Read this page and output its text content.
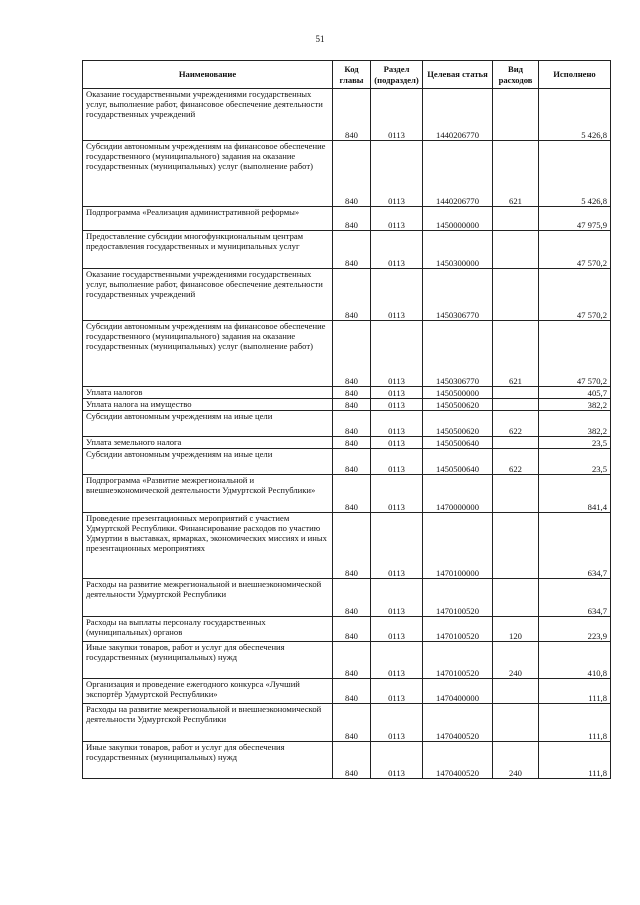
51
Наименование	Код главы	Раздел (подраздел)	Целевая статья	Вид расходов	Исполнено
Оказание государственными учреждениями государственных услуг, выполнение работ, финансовое обеспечение деятельности государственных учреждений	840	0113	1440206770		5 426,8
Субсидии автономным учреждениям на финансовое обеспечение государственного (муниципального) задания на оказание государственных (муниципальных) услуг (выполнение работ)	840	0113	1440206770	621	5 426,8
Подпрограмма «Реализация административной реформы»	840	0113	1450000000		47 975,9
Предоставление субсидии многофункциональным центрам предоставления государственных и муниципальных услуг	840	0113	1450300000		47 570,2
Оказание государственными учреждениями государственных услуг, выполнение работ, финансовое обеспечение деятельности государственных учреждений	840	0113	1450306770		47 570,2
Субсидии автономным учреждениям на финансовое обеспечение государственного (муниципального) задания на оказание государственных (муниципальных) услуг (выполнение работ)	840	0113	1450306770	621	47 570,2
Уплата налогов	840	0113	1450500000		405,7
Уплата налога на имущество	840	0113	1450500620		382,2
Субсидии автономным учреждениям на иные цели	840	0113	1450500620	622	382,2
Уплата земельного налога	840	0113	1450500640		23,5
Субсидии автономным учреждениям на иные цели	840	0113	1450500640	622	23,5
Подпрограмма «Развитие межрегиональной и внешнеэкономической деятельности Удмуртской Республики»	840	0113	1470000000		841,4
Проведение презентационных мероприятий с участием Удмуртской Республики. Финансирование расходов по участию Удмуртии в выставках, ярмарках, экономических миссиях и иных презентационных мероприятиях	840	0113	1470100000		634,7
Расходы на развитие межрегиональной и внешнеэкономической деятельности Удмуртской Республики	840	0113	1470100520		634,7
Расходы на выплаты персоналу государственных (муниципальных) органов	840	0113	1470100520	120	223,9
Иные закупки товаров, работ и услуг для обеспечения государственных (муниципальных) нужд	840	0113	1470100520	240	410,8
Организация и проведение ежегодного конкурса «Лучший экспортёр Удмуртской Республики»	840	0113	1470400000		111,8
Расходы на развитие межрегиональной и внешнеэкономической деятельности Удмуртской Республики	840	0113	1470400520		111,8
Иные закупки товаров, работ и услуг для обеспечения государственных (муниципальных) нужд	840	0113	1470400520	240	111,8
